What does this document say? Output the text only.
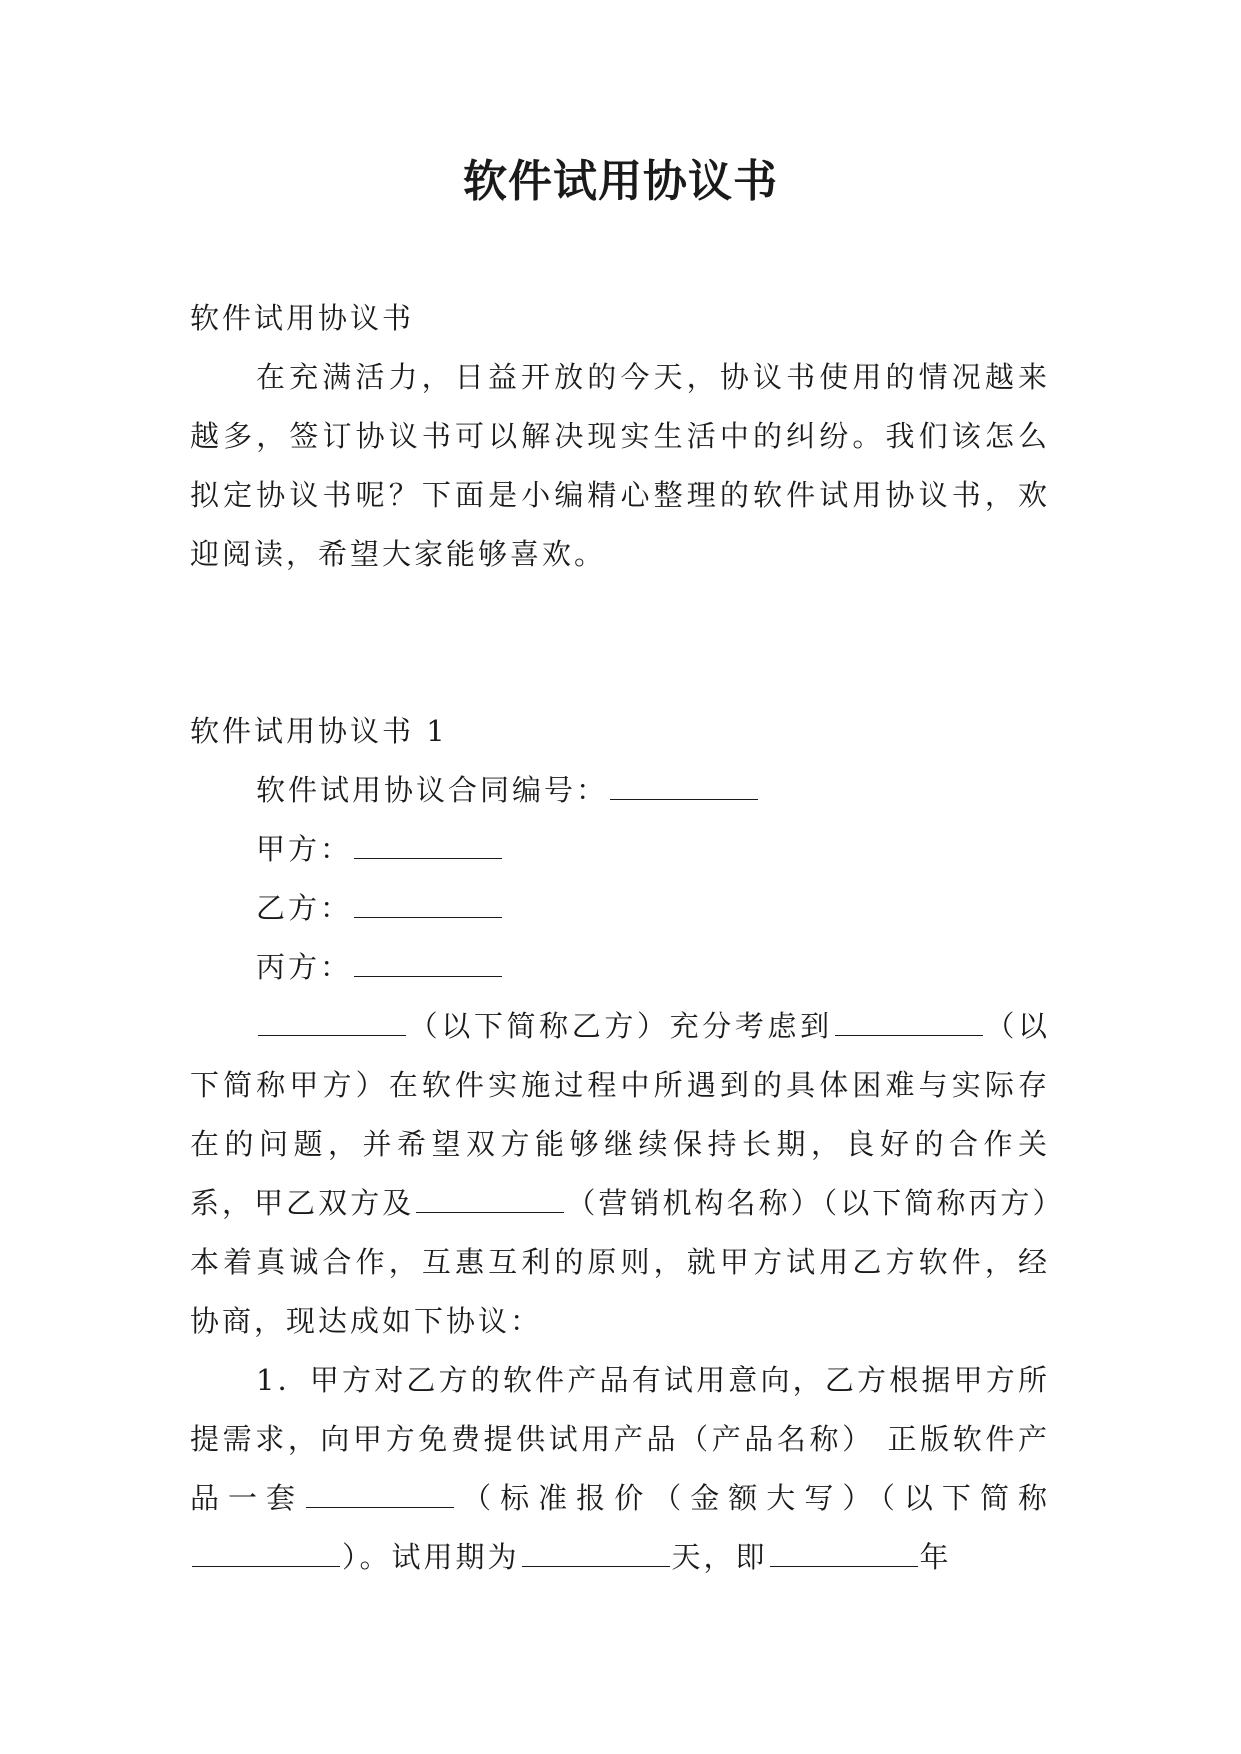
软件试用协议书

软件试用协议书

在充满活力，日益开放的今天，协议书使用的情况越来越多，签订协议书可以解决现实生活中的纠纷。我们该怎么拟定协议书呢？下面是小编精心整理的软件试用协议书，欢迎阅读，希望大家能够喜欢。

软件试用协议书 1

软件试用协议合同编号：

甲方：

乙方：

丙方：

（以下简称乙方）充分考虑到	（以下简称甲方）在软件实施过程中所遇到的具体困难与实际存在的问题，并希望双方能够继续保持长期，良好的合作关系，甲乙双方及	（营销机构名称）（以下简称丙方）本着真诚合作，互惠互利的原则，就甲方试用乙方软件，经协商，现达成如下协议：

1．甲方对乙方的软件产品有试用意向，乙方根据甲方所提需求，向甲方免费提供试用产品（产品名称） 正版软件产品一套	（标准报价（金额大写）（以下简称）。试用期为	天，即	年
